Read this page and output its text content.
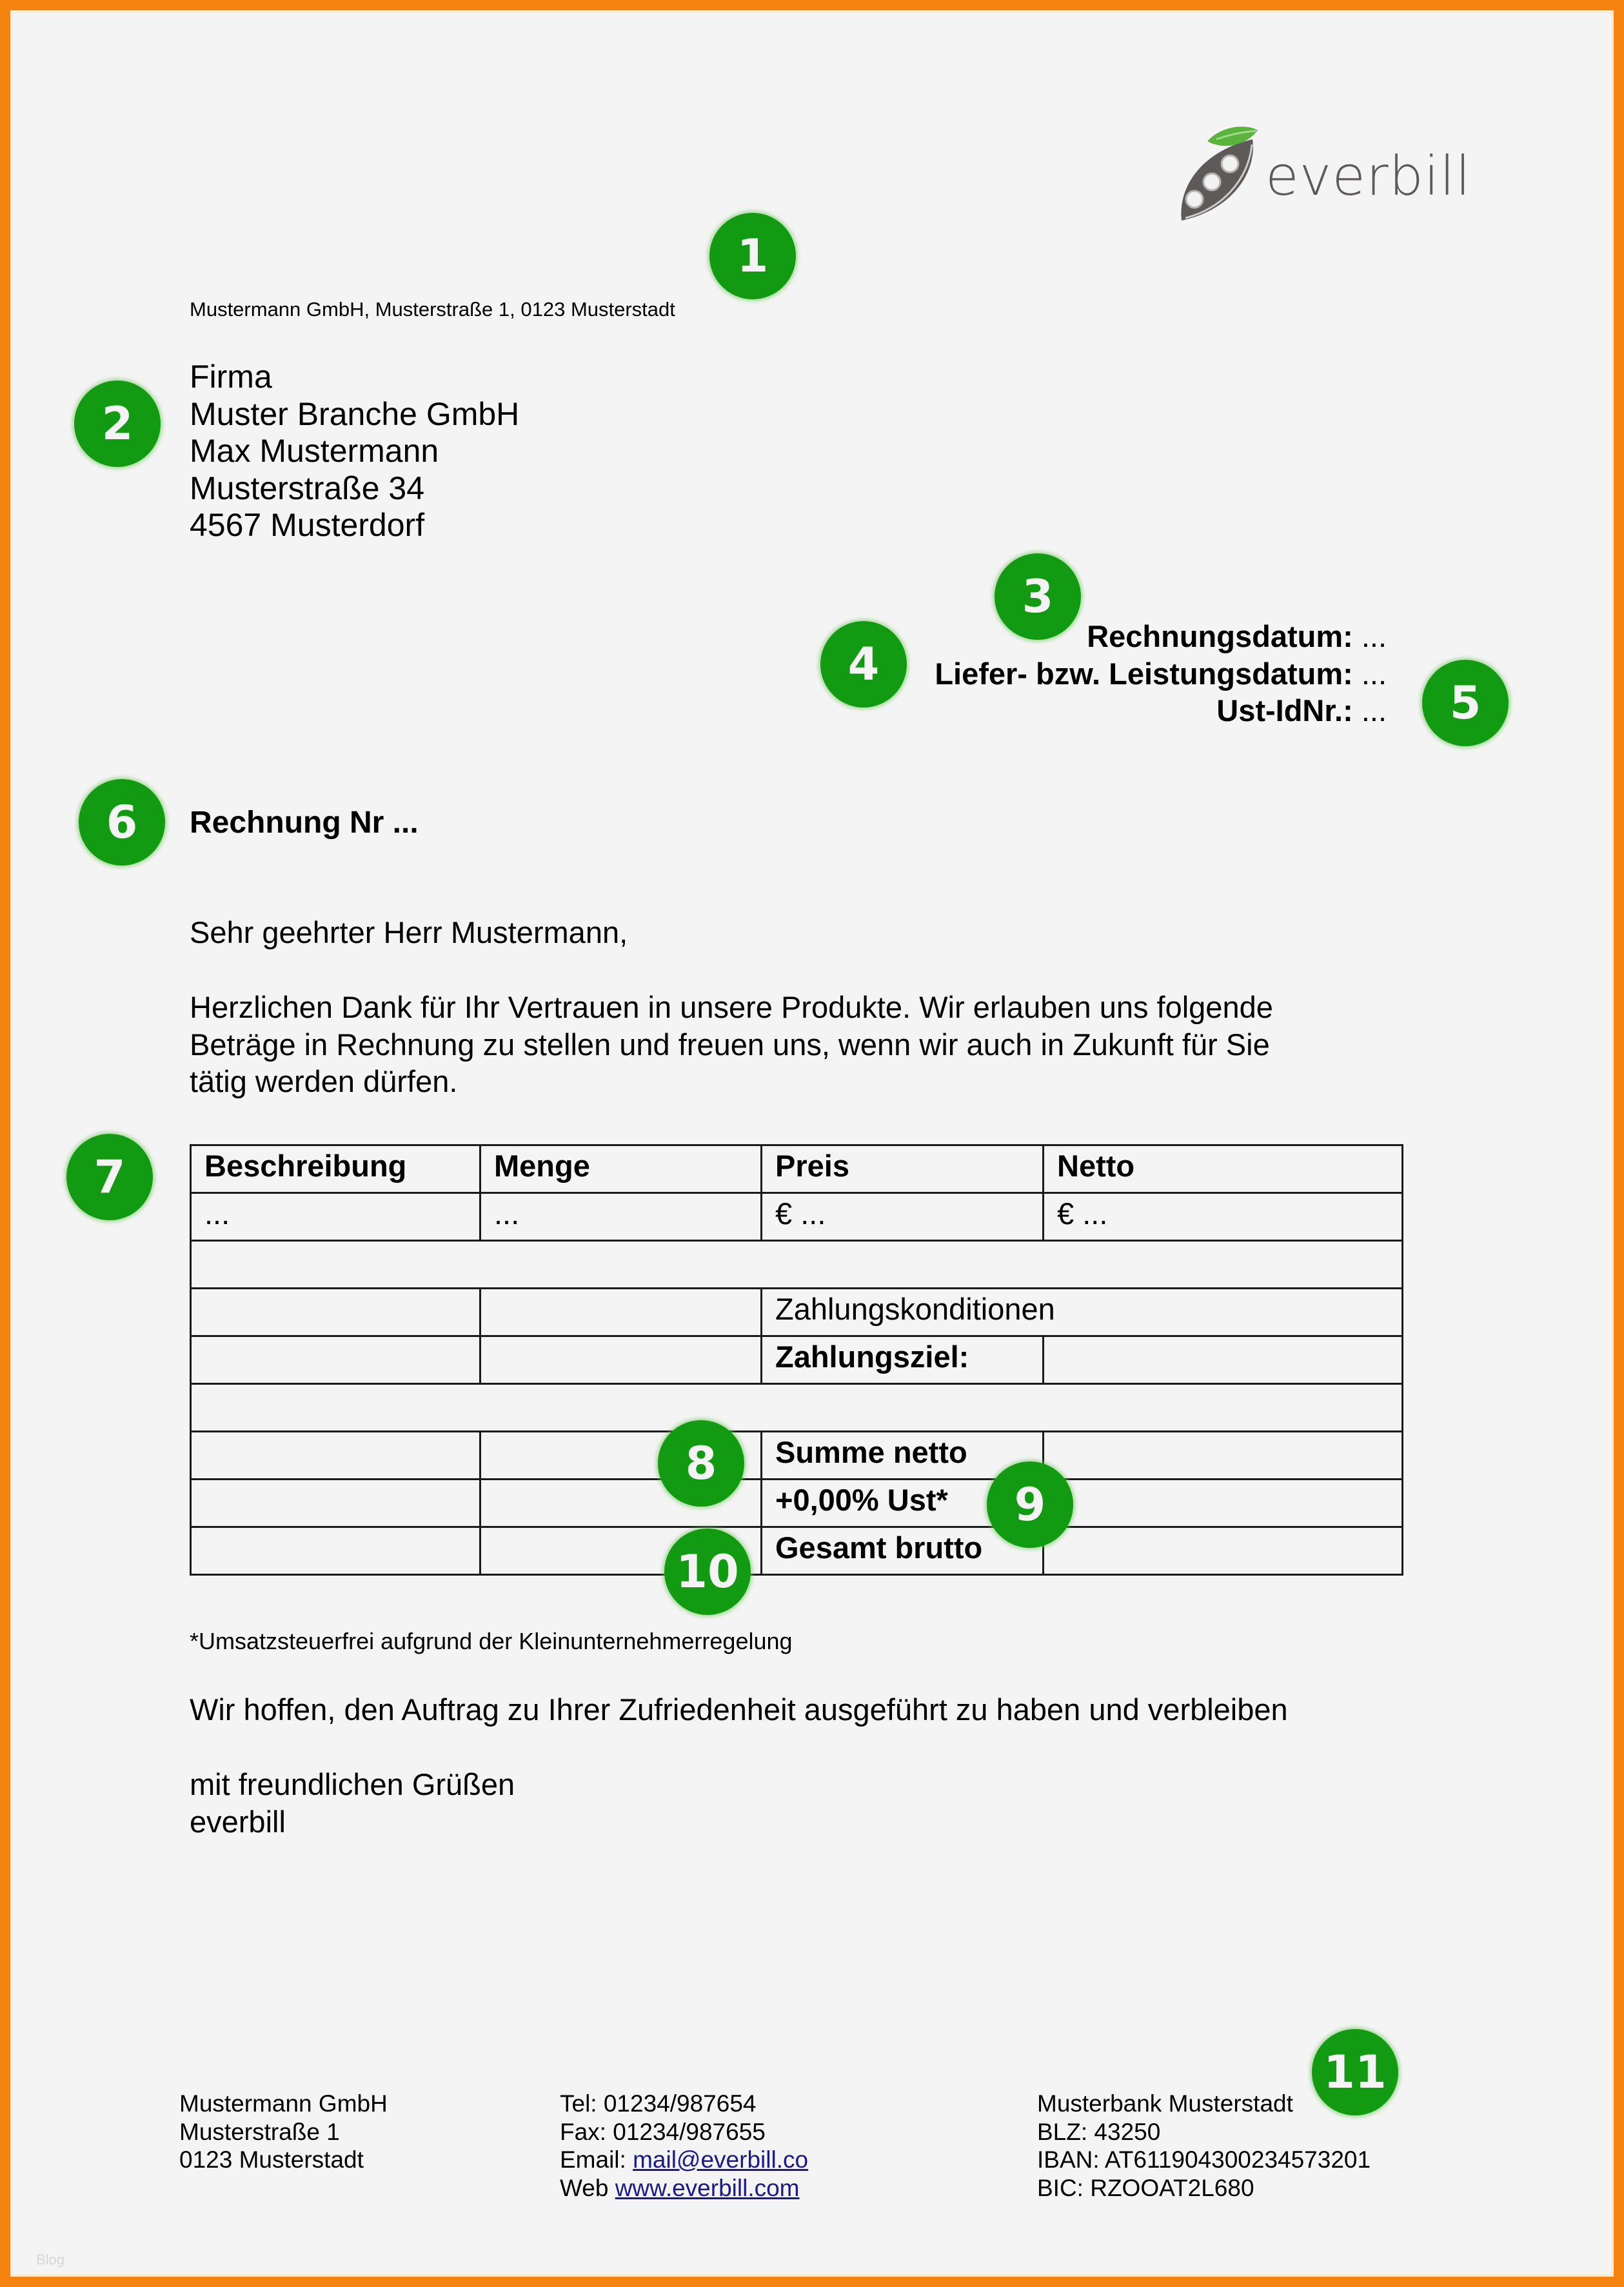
everbill
Mustermann GmbH, Musterstraße 1, 0123 Musterstadt
Firma
Muster Branche GmbH
Max Mustermann
Musterstraße 34
4567 Musterdorf
Rechnungsdatum: ...
Liefer- bzw. Leistungsdatum: ...
Ust-IdNr.: ...
Rechnung Nr ...
Sehr geehrter Herr Mustermann,
Herzlichen Dank für Ihr Vertrauen in unsere Produkte. Wir erlauben uns folgende
Beträge in Rechnung zu stellen und freuen uns, wenn wir auch in Zukunft für Sie
tätig werden dürfen.
Beschreibung	Menge	Preis	Netto
...	...	€ ...	€ ...

		Zahlungskonditionen	
		Zahlungsziel:	

		Summe netto	
		+0,00% Ust*	
		Gesamt brutto	
*Umsatzsteuerfrei aufgrund der Kleinunternehmerregelung
Wir hoffen, den Auftrag zu Ihrer Zufriedenheit ausgeführt zu haben und verbleiben
mit freundlichen Grüßen
everbill
Mustermann GmbH
Musterstraße 1
0123 Musterstadt
Tel: 01234/987654
Fax: 01234/987655
Email: mail@everbill.co
Web www.everbill.com
Musterbank Musterstadt
BLZ: 43250
IBAN: AT611904300234573201
BIC: RZOOAT2L680
Blog
1
2
3
4
5
6
7
8
9
10
11
